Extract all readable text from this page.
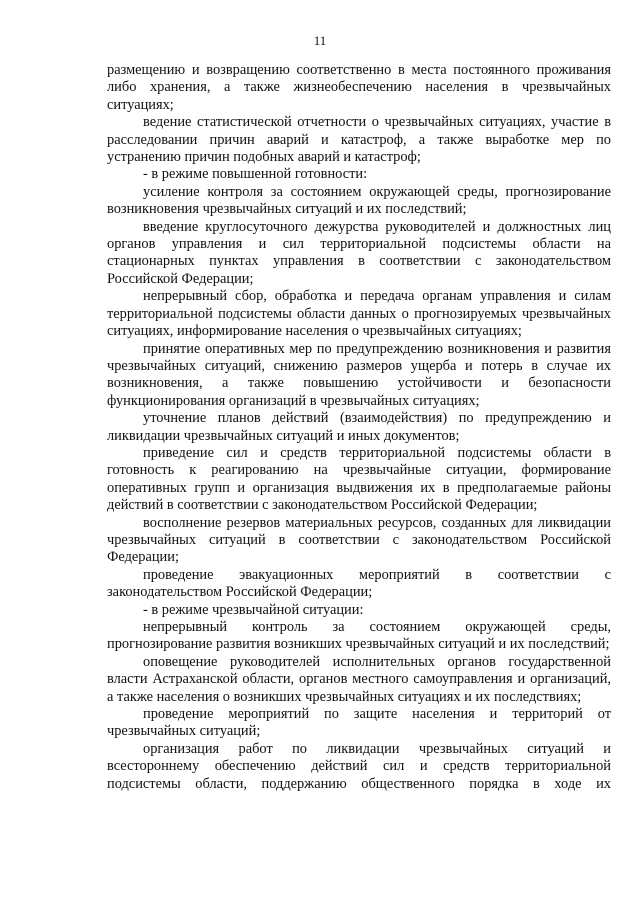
11

размещению и возвращению соответственно в места постоянного проживания либо хранения, а также жизнеобеспечению населения в чрезвычайных ситуациях;

ведение статистической отчетности о чрезвычайных ситуациях, участие в расследовании причин аварий и катастроф, а также выработке мер по устранению причин подобных аварий и катастроф;

- в режиме повышенной готовности:

усиление контроля за состоянием окружающей среды, прогнозирование возникновения чрезвычайных ситуаций и их последствий;

введение круглосуточного дежурства руководителей и должностных лиц органов управления и сил территориальной подсистемы области на стационарных пунктах управления в соответствии с законодательством Российской Федерации;

непрерывный сбор, обработка и передача органам управления и силам территориальной подсистемы области данных о прогнозируемых чрезвычайных ситуациях, информирование населения о чрезвычайных ситуациях;

принятие оперативных мер по предупреждению возникновения и развития чрезвычайных ситуаций, снижению размеров ущерба и потерь в случае их возникновения, а также повышению устойчивости и безопасности функционирования организаций в чрезвычайных ситуациях;

уточнение планов действий (взаимодействия) по предупреждению и ликвидации чрезвычайных ситуаций и иных документов;

приведение сил и средств территориальной подсистемы области в готовность к реагированию на чрезвычайные ситуации, формирование оперативных групп и организация выдвижения их в предполагаемые районы действий в соответствии с законодательством Российской Федерации;

восполнение резервов материальных ресурсов, созданных для ликвидации чрезвычайных ситуаций в соответствии с законодательством Российской Федерации;

проведение эвакуационных мероприятий в соответствии с законодательством Российской Федерации;

- в режиме чрезвычайной ситуации:

непрерывный контроль за состоянием окружающей среды, прогнозирование развития возникших чрезвычайных ситуаций и их последствий;

оповещение руководителей исполнительных органов государственной власти Астраханской области, органов местного самоуправления и организаций, а также населения о возникших чрезвычайных ситуациях и их последствиях;

проведение мероприятий по защите населения и территорий от чрезвычайных ситуаций;

организация работ по ликвидации чрезвычайных ситуаций и всестороннему обеспечению действий сил и средств территориальной подсистемы области, поддержанию общественного порядка в ходе их
